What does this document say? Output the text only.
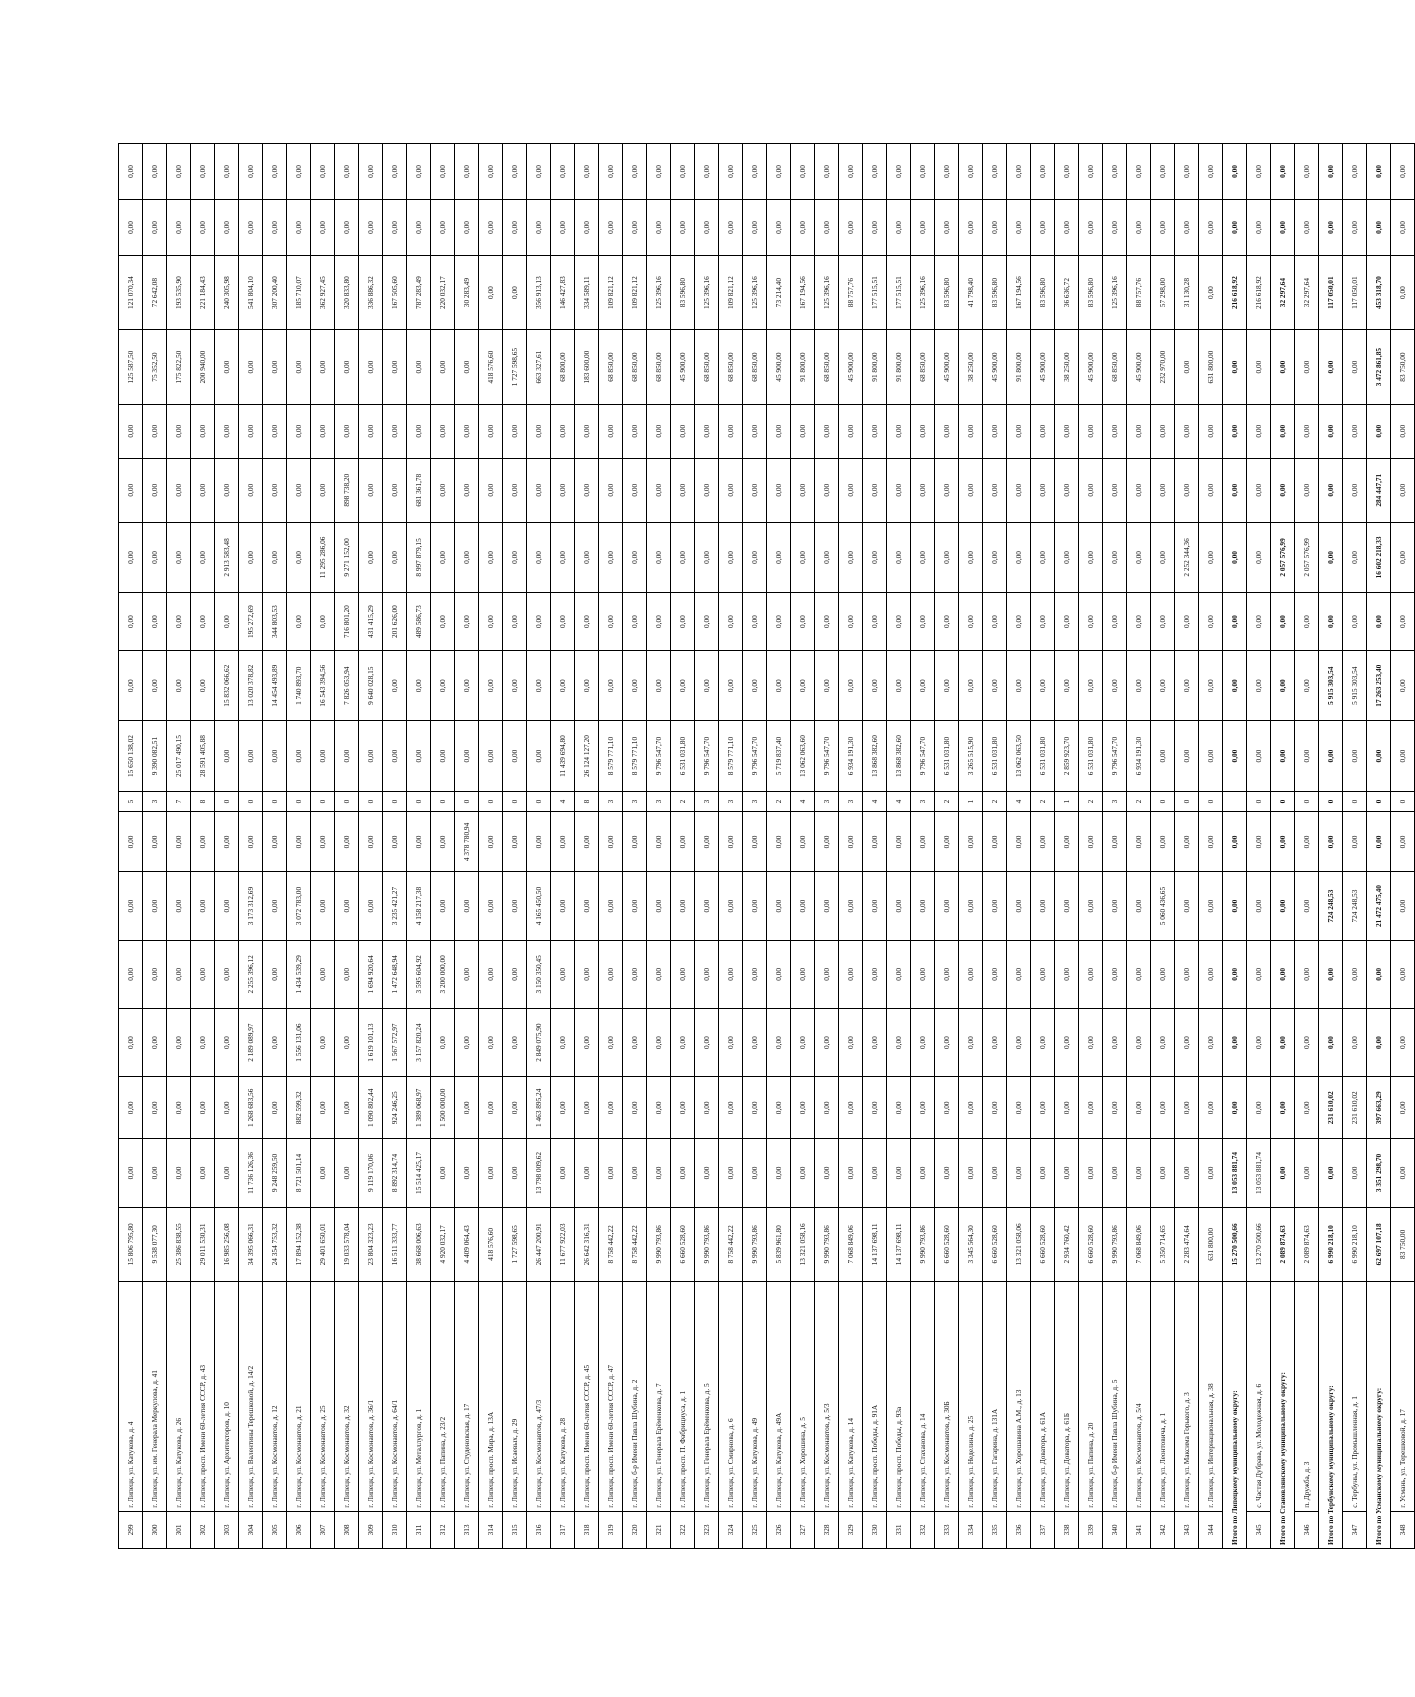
299	г. Липецк, ул. Катукова, д. 4	15 806 795,80	0,00	0,00	0,00	0,00	0,00	0,00	5	15 650 138,02	0,00	0,00	0,00	0,00	0,00	125 587,50	121 070,34	0,00	0,00
300	г. Липецк, ул. им. Генерала Меркулова, д. 41	9 538 077,30	0,00	0,00	0,00	0,00	0,00	0,00	3	9 390 082,51	0,00	0,00	0,00	0,00	0,00	75 352,50	72 642,08	0,00	0,00
301	г. Липецк, ул. Катукова, д. 26	25 386 838,55	0,00	0,00	0,00	0,00	0,00	0,00	7	25 017 490,15	0,00	0,00	0,00	0,00	0,00	175 822,50	193 535,90	0,00	0,00
302	г. Липецк, просп. Имени 60-летия СССР, д. 43	29 011 530,31	0,00	0,00	0,00	0,00	0,00	0,00	8	28 591 405,88	0,00	0,00	0,00	0,00	0,00	200 940,00	221 184,43	0,00	0,00
303	г. Липецк, ул. Архитекторов, д. 10	16 985 256,08	0,00	0,00	0,00	0,00	0,00	0,00	0	0,00	15 832 066,62	0,00	2 913 583,48	0,00	0,00	0,00	240 305,98	0,00	0,00
304	г. Липецк, ул. Валентины Терешковой, д. 14/2	34 395 066,31	11 736 126,36	1 268 683,56	2 189 089,97	2 255 396,12	3 173 312,69	0,00	0	0,00	13 020 378,82	195 272,69	0,00	0,00	0,00	0,00	541 804,10	0,00	0,00
305	г. Липецк, ул. Космонавтов, д. 12	24 354 753,32	9 248 259,50	0,00	0,00	0,00	0,00	0,00	0	0,00	14 454 493,89	344 803,53	0,00	0,00	0,00	0,00	307 200,40	0,00	0,00
306	г. Липецк, ул. Космонавтов, д. 21	17 894 152,38	8 721 501,14	882 599,32	1 556 131,06	1 434 539,29	3 072 783,00	0,00	0	0,00	1 740 893,70	0,00	0,00	0,00	0,00	0,00	185 710,07	0,00	0,00
307	г. Липецк, ул. Космонавтов, д. 25	29 401 650,01	0,00	0,00	0,00	0,00	0,00	0,00	0	0,00	16 543 394,56	0,00	11 295 286,06	0,00	0,00	0,00	362 927,45	0,00	0,00
308	г. Липецк, ул. Космонавтов, д. 32	19 033 578,04	0,00	0,00	0,00	0,00	0,00	0,00	0	0,00	7 826 053,94	716 801,20	9 271 152,00	898 738,20	0,00	0,00	320 833,80	0,00	0,00
309	г. Липецк, ул. Космонавтов, д. 36/1	23 804 323,23	9 119 170,06	1 090 802,44	1 619 101,13	1 694 920,64	0,00	0,00	0	0,00	9 640 028,15	431 415,29	0,00	0,00	0,00	0,00	336 886,32	0,00	0,00
310	г. Липецк, ул. Космонавтов, д. 64/1	16 511 333,77	8 892 314,74	924 246,25	1 567 572,97	1 472 648,94	3 235 421,27	0,00	0	0,00	0,00	201 626,00	0,00	0,00	0,00	0,00	167 505,60	0,00	0,00
311	г. Липецк, ул. Металлургов, д. 1	38 668 006,63	15 514 425,17	1 389 068,97	3 157 820,24	3 595 604,92	4 158 217,38	0,00	0	0,00	0,00	489 586,73	8 997 879,15	681 361,78	0,00	0,00	787 283,49	0,00	0,00
312	г. Липецк, ул. Папина, д. 23/2	4 920 032,17	0,00	1 500 000,00	0,00	3 200 000,00	0,00	0,00	0	0,00	0,00	0,00	0,00	0,00	0,00	0,00	220 032,17	0,00	0,00
313	г. Липецк, ул. Студеновская, д. 17	4 409 064,43	0,00	0,00	0,00	0,00	0,00	4 378 780,94	0	0,00	0,00	0,00	0,00	0,00	0,00	0,00	30 283,49	0,00	0,00
314	г. Липецк, просп. Мира, д. 13А	418 576,60	0,00	0,00	0,00	0,00	0,00	0,00	0	0,00	0,00	0,00	0,00	0,00	0,00	418 576,60	0,00	0,00	0,00
315	г. Липецк, ул. Исаевых, д. 29	1 727 598,65	0,00	0,00	0,00	0,00	0,00	0,00	0	0,00	0,00	0,00	0,00	0,00	0,00	1 727 598,65	0,00	0,00	0,00
316	г. Липецк, ул. Космонавтов, д. 47/3	26 447 200,91	13 798 009,62	1 463 895,24	2 849 075,90	3 150 350,45	4 165 450,50	0,00	0	0,00	0,00	0,00	0,00	0,00	0,00	663 327,61	356 913,13	0,00	0,00
317	г. Липецк, ул. Катукова, д. 28	11 677 922,03	0,00	0,00	0,00	0,00	0,00	0,00	4	11 439 694,80	0,00	0,00	0,00	0,00	0,00	68 800,00	146 427,83	0,00	0,00
318	г. Липецк, просп. Имени 60-летия СССР, д. 45	26 642 316,31	0,00	0,00	0,00	0,00	0,00	0,00	8	26 124 127,20	0,00	0,00	0,00	0,00	0,00	183 600,00	334 589,11	0,00	0,00
319	г. Липецк, просп. Имени 60-летия СССР, д. 47	8 758 442,22	0,00	0,00	0,00	0,00	0,00	0,00	3	8 579 771,10	0,00	0,00	0,00	0,00	0,00	68 850,00	109 821,12	0,00	0,00
320	г. Липецк, б-р Имени Павла Шубина, д. 2	8 758 442,22	0,00	0,00	0,00	0,00	0,00	0,00	3	8 579 771,10	0,00	0,00	0,00	0,00	0,00	68 850,00	109 821,12	0,00	0,00
321	г. Липецк, ул. Генерала Ерёменкова, д. 7	9 990 793,86	0,00	0,00	0,00	0,00	0,00	0,00	3	9 796 547,70	0,00	0,00	0,00	0,00	0,00	68 850,00	125 396,16	0,00	0,00
322	г. Липецк, просп. П. Фабрициуса, д. 1	6 660 528,60	0,00	0,00	0,00	0,00	0,00	0,00	2	6 531 031,80	0,00	0,00	0,00	0,00	0,00	45 900,00	83 596,80	0,00	0,00
323	г. Липецк, ул. Генерала Ерёменкова, д. 5	9 990 793,86	0,00	0,00	0,00	0,00	0,00	0,00	3	9 796 547,70	0,00	0,00	0,00	0,00	0,00	68 850,00	125 396,16	0,00	0,00
324	г. Липецк, ул. Смирнова, д. 6	8 758 442,22	0,00	0,00	0,00	0,00	0,00	0,00	3	8 579 771,10	0,00	0,00	0,00	0,00	0,00	68 850,00	109 821,12	0,00	0,00
325	г. Липецк, ул. Катукова, д. 49	9 990 793,86	0,00	0,00	0,00	0,00	0,00	0,00	3	9 796 547,70	0,00	0,00	0,00	0,00	0,00	68 850,00	125 396,16	0,00	0,00
326	г. Липецк, ул. Катукова, д. 49А	5 839 961,80	0,00	0,00	0,00	0,00	0,00	0,00	2	5 719 837,40	0,00	0,00	0,00	0,00	0,00	45 900,00	73 214,40	0,00	0,00
327	г. Липецк, ул. Хорошина, д. 5	13 321 058,16	0,00	0,00	0,00	0,00	0,00	0,00	4	13 062 063,60	0,00	0,00	0,00	0,00	0,00	91 800,00	167 194,56	0,00	0,00
328	г. Липецк, ул. Космонавтов, д. 5/3	9 990 793,86	0,00	0,00	0,00	0,00	0,00	0,00	3	9 796 547,70	0,00	0,00	0,00	0,00	0,00	68 850,00	125 396,16	0,00	0,00
329	г. Липецк, ул. Катукова, д. 14	7 068 849,06	0,00	0,00	0,00	0,00	0,00	0,00	3	6 934 191,30	0,00	0,00	0,00	0,00	0,00	45 900,00	88 757,76	0,00	0,00
330	г. Липецк, просп. Победы, д. 91А	14 137 698,11	0,00	0,00	0,00	0,00	0,00	0,00	4	13 868 382,60	0,00	0,00	0,00	0,00	0,00	91 800,00	177 515,51	0,00	0,00
331	г. Липецк, просп. Победы, д. 93а	14 137 698,11	0,00	0,00	0,00	0,00	0,00	0,00	4	13 868 382,60	0,00	0,00	0,00	0,00	0,00	91 800,00	177 515,51	0,00	0,00
332	г. Липецк, ул. Стаханова, д. 14	9 990 793,86	0,00	0,00	0,00	0,00	0,00	0,00	3	9 796 547,70	0,00	0,00	0,00	0,00	0,00	68 850,00	125 396,16	0,00	0,00
333	г. Липецк, ул. Космонавтов, д. 30Б	6 660 528,60	0,00	0,00	0,00	0,00	0,00	0,00	2	6 531 031,80	0,00	0,00	0,00	0,00	0,00	45 900,00	83 596,80	0,00	0,00
334	г. Липецк, ул. Неделина, д. 25	3 345 564,30	0,00	0,00	0,00	0,00	0,00	0,00	1	3 265 515,90	0,00	0,00	0,00	0,00	0,00	38 250,00	41 798,40	0,00	0,00
335	г. Липецк, ул. Гагарина, д. 131А	6 660 528,60	0,00	0,00	0,00	0,00	0,00	0,00	2	6 531 031,80	0,00	0,00	0,00	0,00	0,00	45 900,00	83 596,80	0,00	0,00
336	г. Липецк, ул. Хорошавина А.М., д. 13	13 321 058,06	0,00	0,00	0,00	0,00	0,00	0,00	4	13 062 063,50	0,00	0,00	0,00	0,00	0,00	91 800,00	167 194,56	0,00	0,00
337	г. Липецк, ул. Доватора, д. 61А	6 660 528,60	0,00	0,00	0,00	0,00	0,00	0,00	2	6 531 031,80	0,00	0,00	0,00	0,00	0,00	45 900,00	83 596,80	0,00	0,00
338	г. Липецк, ул. Доватора, д. 61Б	2 934 760,42	0,00	0,00	0,00	0,00	0,00	0,00	1	2 859 923,70	0,00	0,00	0,00	0,00	0,00	38 250,00	36 636,72	0,00	0,00
339	г. Липецк, ул. Папина, д. 20	6 660 528,60	0,00	0,00	0,00	0,00	0,00	0,00	2	6 531 031,80	0,00	0,00	0,00	0,00	0,00	45 900,00	83 596,80	0,00	0,00
340	г. Липецк, б-р Имени Павла Шубина, д. 5	9 990 793,86	0,00	0,00	0,00	0,00	0,00	0,00	3	9 796 547,70	0,00	0,00	0,00	0,00	0,00	68 850,00	125 396,16	0,00	0,00
341	г. Липецк, ул. Космонавтов, д. 5/4	7 068 849,06	0,00	0,00	0,00	0,00	0,00	0,00	2	6 934 191,30	0,00	0,00	0,00	0,00	0,00	45 900,00	88 757,76	0,00	0,00
342	г. Липецк, ул. Леонтовича, д. 1	5 350 714,65	0,00	0,00	0,00	0,00	5 060 436,65	0,00	0	0,00	0,00	0,00	0,00	0,00	0,00	232 970,00	57 298,00	0,00	0,00
343	г. Липецк, ул. Максима Горького, д. 3	2 283 474,64	0,00	0,00	0,00	0,00	0,00	0,00	0	0,00	0,00	0,00	2 252 344,36	0,00	0,00	0,00	31 130,28	0,00	0,00
344	г. Липецк, ул. Интернациональная, д. 38	631 800,00	0,00	0,00	0,00	0,00	0,00	0,00	0	0,00	0,00	0,00	0,00	0,00	0,00	631 800,00	0,00	0,00	0,00
Итого по Липецкому муниципальному округу:		15 270 500,66	13 053 881,74	0,00	0,00	0,00	0,00	0,00		0,00	0,00	0,00	0,00	0,00	0,00	0,00	216 618,92	0,00	0,00
345	с. Частая Дубрава, ул. Молодежная, д. 6	13 270 500,66	13 053 881,74	0,00	0,00	0,00	0,00	0,00	0	0,00	0,00	0,00	0,00	0,00	0,00	0,00	216 618,92	0,00	0,00
Итого по Становлянскому муниципальному округу:		2 089 874,63	0,00	0,00	0,00	0,00	0,00	0,00	0	0,00	0,00	0,00	2 057 576,99	0,00	0,00	0,00	32 297,64	0,00	0,00
346	п. Дружба, д. 3	2 089 874,63	0,00	0,00	0,00	0,00	0,00	0,00	0	0,00	0,00	0,00	2 057 576,99	0,00	0,00	0,00	32 297,64	0,00	0,00
Итого по Тербунскому муниципальному округу:		6 990 218,10	0,00	231 610,02	0,00	0,00	724 248,53	0,00	0	0,00	5 915 303,54	0,00	0,00	0,00	0,00	0,00	117 050,01	0,00	0,00
347	с. Тербуны, ул. Промышленная, д. 1	6 990 218,10	0,00	231 610,02	0,00	0,00	724 248,53	0,00	0	0,00	5 915 303,54	0,00	0,00	0,00	0,00	0,00	117 050,01	0,00	0,00
Итого по Усманскому муниципальному округу:		62 697 107,18	3 351 298,70	397 663,29	0,00	0,00	21 472 475,40	0,00	0	0,00	17 263 253,40	0,00	16 602 218,33	284 447,71	0,00	3 472 861,85	453 318,70	0,00	0,00
348	г. Усмань, ул. Терешковой, д. 17	83 750,00	0,00	0,00	0,00	0,00	0,00	0,00	0	0,00	0,00	0,00	0,00	0,00	0,00	83 750,00	0,00	0,00	0,00
